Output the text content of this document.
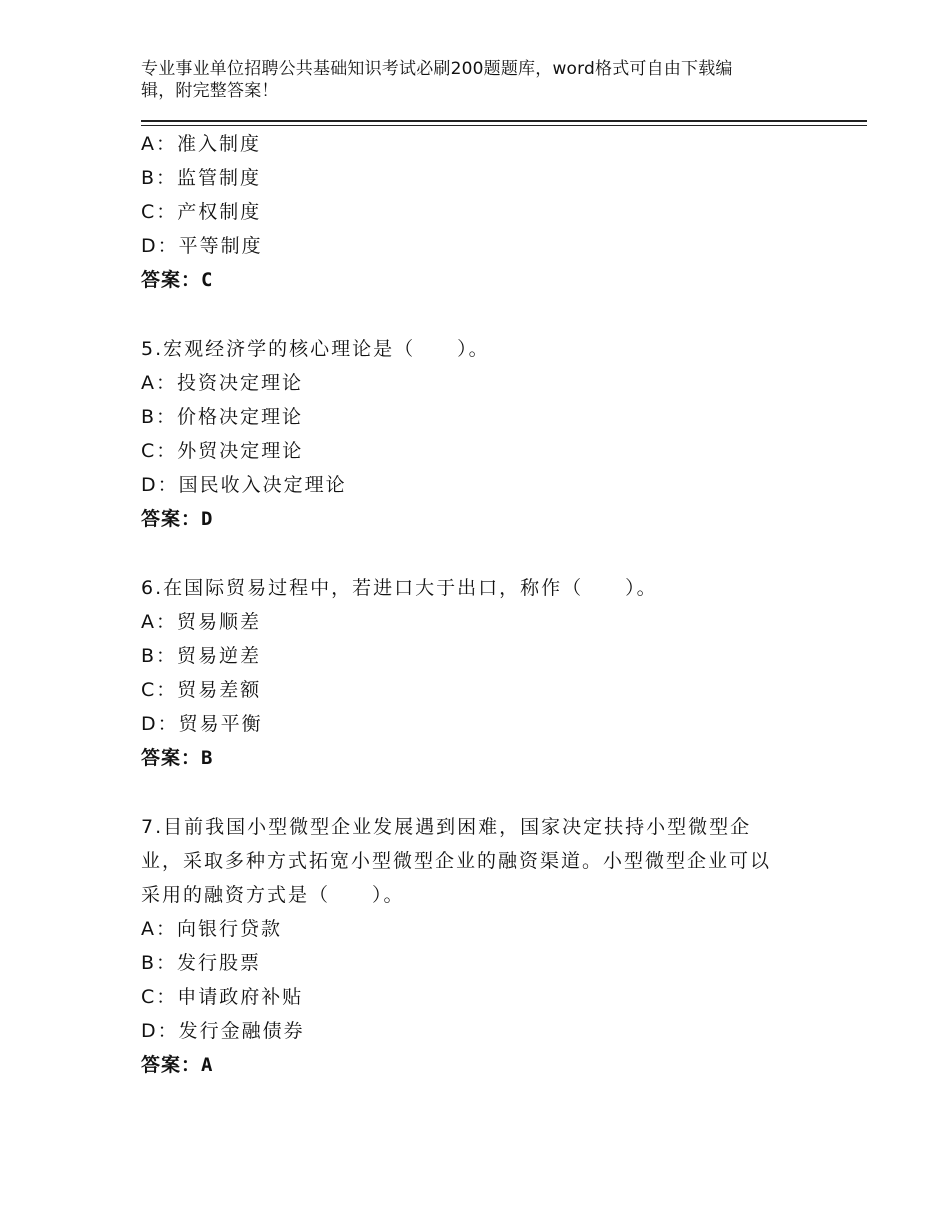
专业事业单位招聘公共基础知识考试必刷200题题库，word格式可自由下载编
辑，附完整答案！
A：准入制度
B：监管制度
C：产权制度
D：平等制度
答案：C
5.宏观经济学的核心理论是（　　）。
A：投资决定理论
B：价格决定理论
C：外贸决定理论
D：国民收入决定理论
答案：D
6.在国际贸易过程中，若进口大于出口，称作（　　）。
A：贸易顺差
B：贸易逆差
C：贸易差额
D：贸易平衡
答案：B
7.目前我国小型微型企业发展遇到困难，国家决定扶持小型微型企
业，采取多种方式拓宽小型微型企业的融资渠道。小型微型企业可以
采用的融资方式是（　　）。
A：向银行贷款
B：发行股票
C：申请政府补贴
D：发行金融债券
答案：A
